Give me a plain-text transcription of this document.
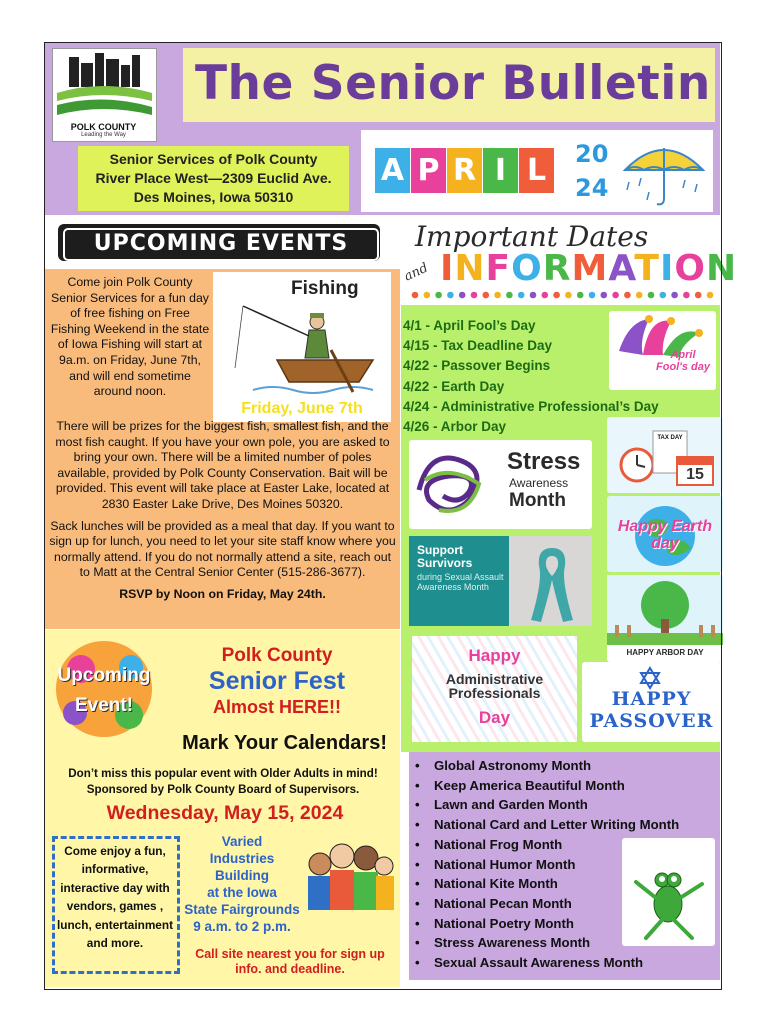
POLK COUNTY
Leading the Way
The Senior Bulletin
Senior Services of Polk County
River Place West—2309 Euclid Ave.
Des Moines, Iowa 50310
A P R I L	20
24
UPCOMING EVENTS
Fishing
Come join Polk County Senior Services for a fun day of free fishing on Free Fishing Weekend in the state of Iowa Fishing will start at 9a.m. on Friday, June 7th, and will end sometime around noon.
Friday, June 7th

There will be prizes for the biggest fish, smallest fish, and the most fish caught. If you have your own pole, you are asked to bring your own. There will be a limited number of poles available, provided by Polk County Conservation. Bait will be provided. This event will take place at Easter Lake, located at 2830 Easter Lake Drive, Des Moines 50320.

Sack lunches will be provided as a meal that day. If you want to sign up for lunch, you need to let your site staff know where you normally attend. If you do not normally attend a site, reach out to Matt at the Central Senior Center (515-286-3677).

RSVP by Noon on Friday, May 24th.

Upcoming Event!
Polk County
Senior Fest
Almost HERE!!
Mark Your Calendars!
Don’t miss this popular event with Older Adults in mind! Sponsored by Polk County Board of Supervisors.
Wednesday, May 15, 2024
Come enjoy a fun, informative, interactive day with vendors, games , lunch, entertainment and more.
Varied
Industries
Building
at the Iowa
State Fairgrounds
9 a.m. to 2 p.m.
Call site nearest you for sign up info. and deadline.
Important Dates
and INFORMATION
4/1 - April Fool’s Day
4/15 - Tax Deadline Day
4/22 - Passover Begins
4/22 - Earth Day
4/24 - Administrative Professional’s Day
4/26 - Arbor Day
April Fool's day
TAX DAY
15
Stress
Awareness
Month
Happy Earth day
Support Survivors
during Sexual Assault Awareness Month
HAPPY ARBOR DAY
Happy
Administrative Professionals
Day
HAPPY PASSOVER
• Global Astronomy Month
• Keep America Beautiful Month
• Lawn and Garden Month
• National Card and Letter Writing Month
• National Frog Month
• National Humor Month
• National Kite Month
• National Pecan Month
• National Poetry Month
• Stress Awareness Month
• Sexual Assault Awareness Month
